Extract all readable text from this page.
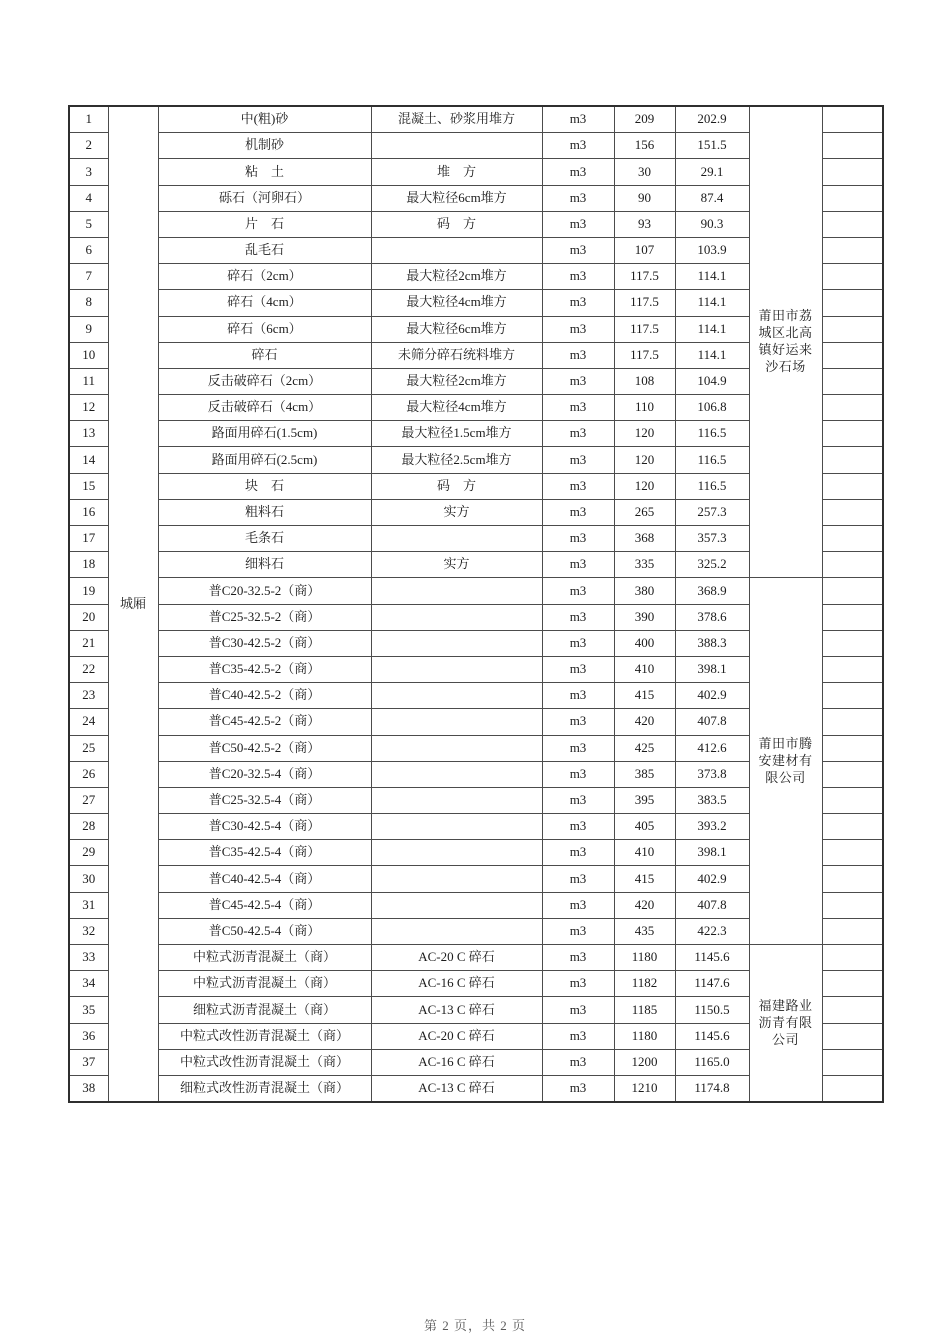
1	城厢	中(粗)砂	混凝土、砂浆用堆方	m3	209	202.9	莆田市荔城区北高镇好运来沙石场	
2		机制砂		m3	156	151.5		
3		粘　土	堆　方	m3	30	29.1		
4		砾石（河卵石）	最大粒径6cm堆方	m3	90	87.4		
5		片　石	码　方	m3	93	90.3		
6		乱毛石		m3	107	103.9		
7		碎石（2cm）	最大粒径2cm堆方	m3	117.5	114.1		
8		碎石（4cm）	最大粒径4cm堆方	m3	117.5	114.1		
9		碎石（6cm）	最大粒径6cm堆方	m3	117.5	114.1		
10		碎石	未筛分碎石统料堆方	m3	117.5	114.1		
11		反击破碎石（2cm）	最大粒径2cm堆方	m3	108	104.9		
12		反击破碎石（4cm）	最大粒径4cm堆方	m3	110	106.8		
13		路面用碎石(1.5cm)	最大粒径1.5cm堆方	m3	120	116.5		
14		路面用碎石(2.5cm)	最大粒径2.5cm堆方	m3	120	116.5		
15		块　石	码　方	m3	120	116.5		
16		粗料石	实方	m3	265	257.3		
17		毛条石		m3	368	357.3		
18		细料石	实方	m3	335	325.2		
19		普C20-32.5-2（商）		m3	380	368.9	莆田市腾安建材有限公司	
20		普C25-32.5-2（商）		m3	390	378.6		
21		普C30-42.5-2（商）		m3	400	388.3		
22		普C35-42.5-2（商）		m3	410	398.1		
23		普C40-42.5-2（商）		m3	415	402.9		
24		普C45-42.5-2（商）		m3	420	407.8		
25		普C50-42.5-2（商）		m3	425	412.6		
26		普C20-32.5-4（商）		m3	385	373.8		
27		普C25-32.5-4（商）		m3	395	383.5		
28		普C30-42.5-4（商）		m3	405	393.2		
29		普C35-42.5-4（商）		m3	410	398.1		
30		普C40-42.5-4（商）		m3	415	402.9		
31		普C45-42.5-4（商）		m3	420	407.8		
32		普C50-42.5-4（商）		m3	435	422.3		
33		中粒式沥青混凝土（商）	AC-20 C 碎石	m3	1180	1145.6	福建路业沥青有限公司	
34		中粒式沥青混凝土（商）	AC-16 C 碎石	m3	1182	1147.6		
35		细粒式沥青混凝土（商）	AC-13 C 碎石	m3	1185	1150.5		
36		中粒式改性沥青混凝土（商）	AC-20 C 碎石	m3	1180	1145.6		
37		中粒式改性沥青混凝土（商）	AC-16 C 碎石	m3	1200	1165.0		
38		细粒式改性沥青混凝土（商）	AC-13 C 碎石	m3	1210	1174.8		
第 2 页，共 2 页
